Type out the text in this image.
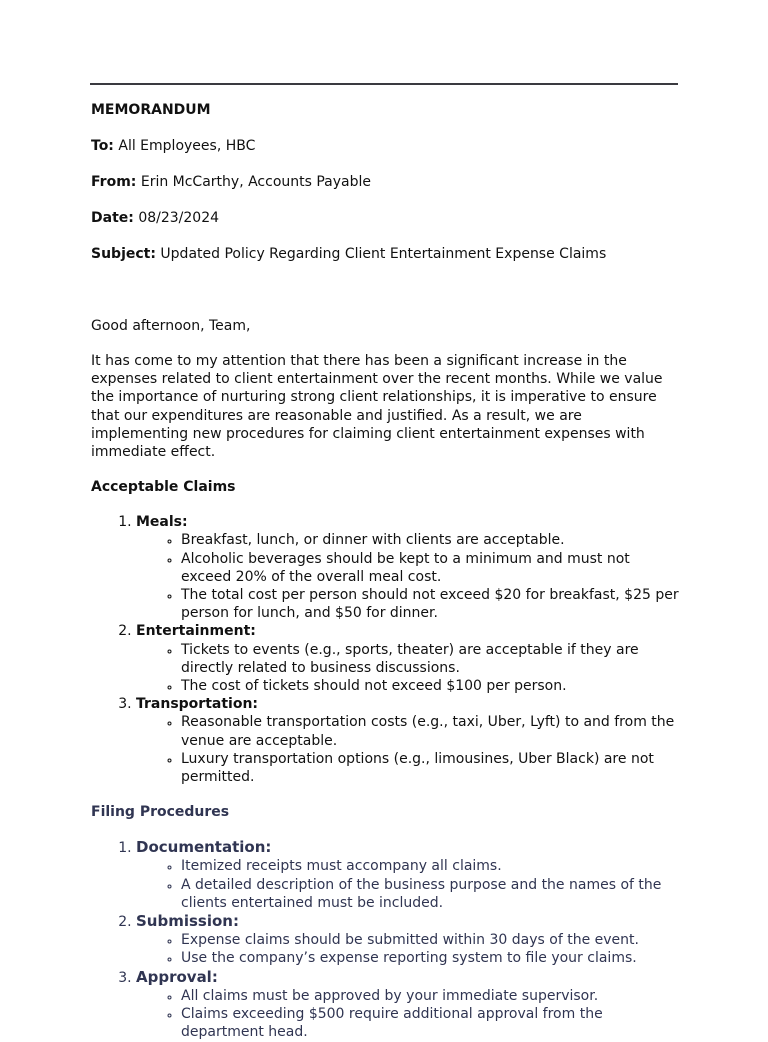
MEMORANDUM

To: All Employees, HBC

From: Erin McCarthy, Accounts Payable

Date: 08/23/2024

Subject: Updated Policy Regarding Client Entertainment Expense Claims

Good afternoon, Team,

It has come to my attention that there has been a significant increase in the expenses related to client entertainment over the recent months. While we value the importance of nurturing strong client relationships, it is imperative to ensure that our expenditures are reasonable and justified. As a result, we are implementing new procedures for claiming client entertainment expenses with immediate effect.

Acceptable Claims

1. Meals:
◦ Breakfast, lunch, or dinner with clients are acceptable.
◦ Alcoholic beverages should be kept to a minimum and must not exceed 20% of the overall meal cost.
◦ The total cost per person should not exceed $20 for breakfast, $25 per person for lunch, and $50 for dinner.
2. Entertainment:
◦ Tickets to events (e.g., sports, theater) are acceptable if they are directly related to business discussions.
◦ The cost of tickets should not exceed $100 per person.
3. Transportation:
◦ Reasonable transportation costs (e.g., taxi, Uber, Lyft) to and from the venue are acceptable.
◦ Luxury transportation options (e.g., limousines, Uber Black) are not permitted.

Filing Procedures

1. Documentation:
◦ Itemized receipts must accompany all claims.
◦ A detailed description of the business purpose and the names of the clients entertained must be included.
2. Submission:
◦ Expense claims should be submitted within 30 days of the event.
◦ Use the company’s expense reporting system to file your claims.
3. Approval:
◦ All claims must be approved by your immediate supervisor.
◦ Claims exceeding $500 require additional approval from the department head.
